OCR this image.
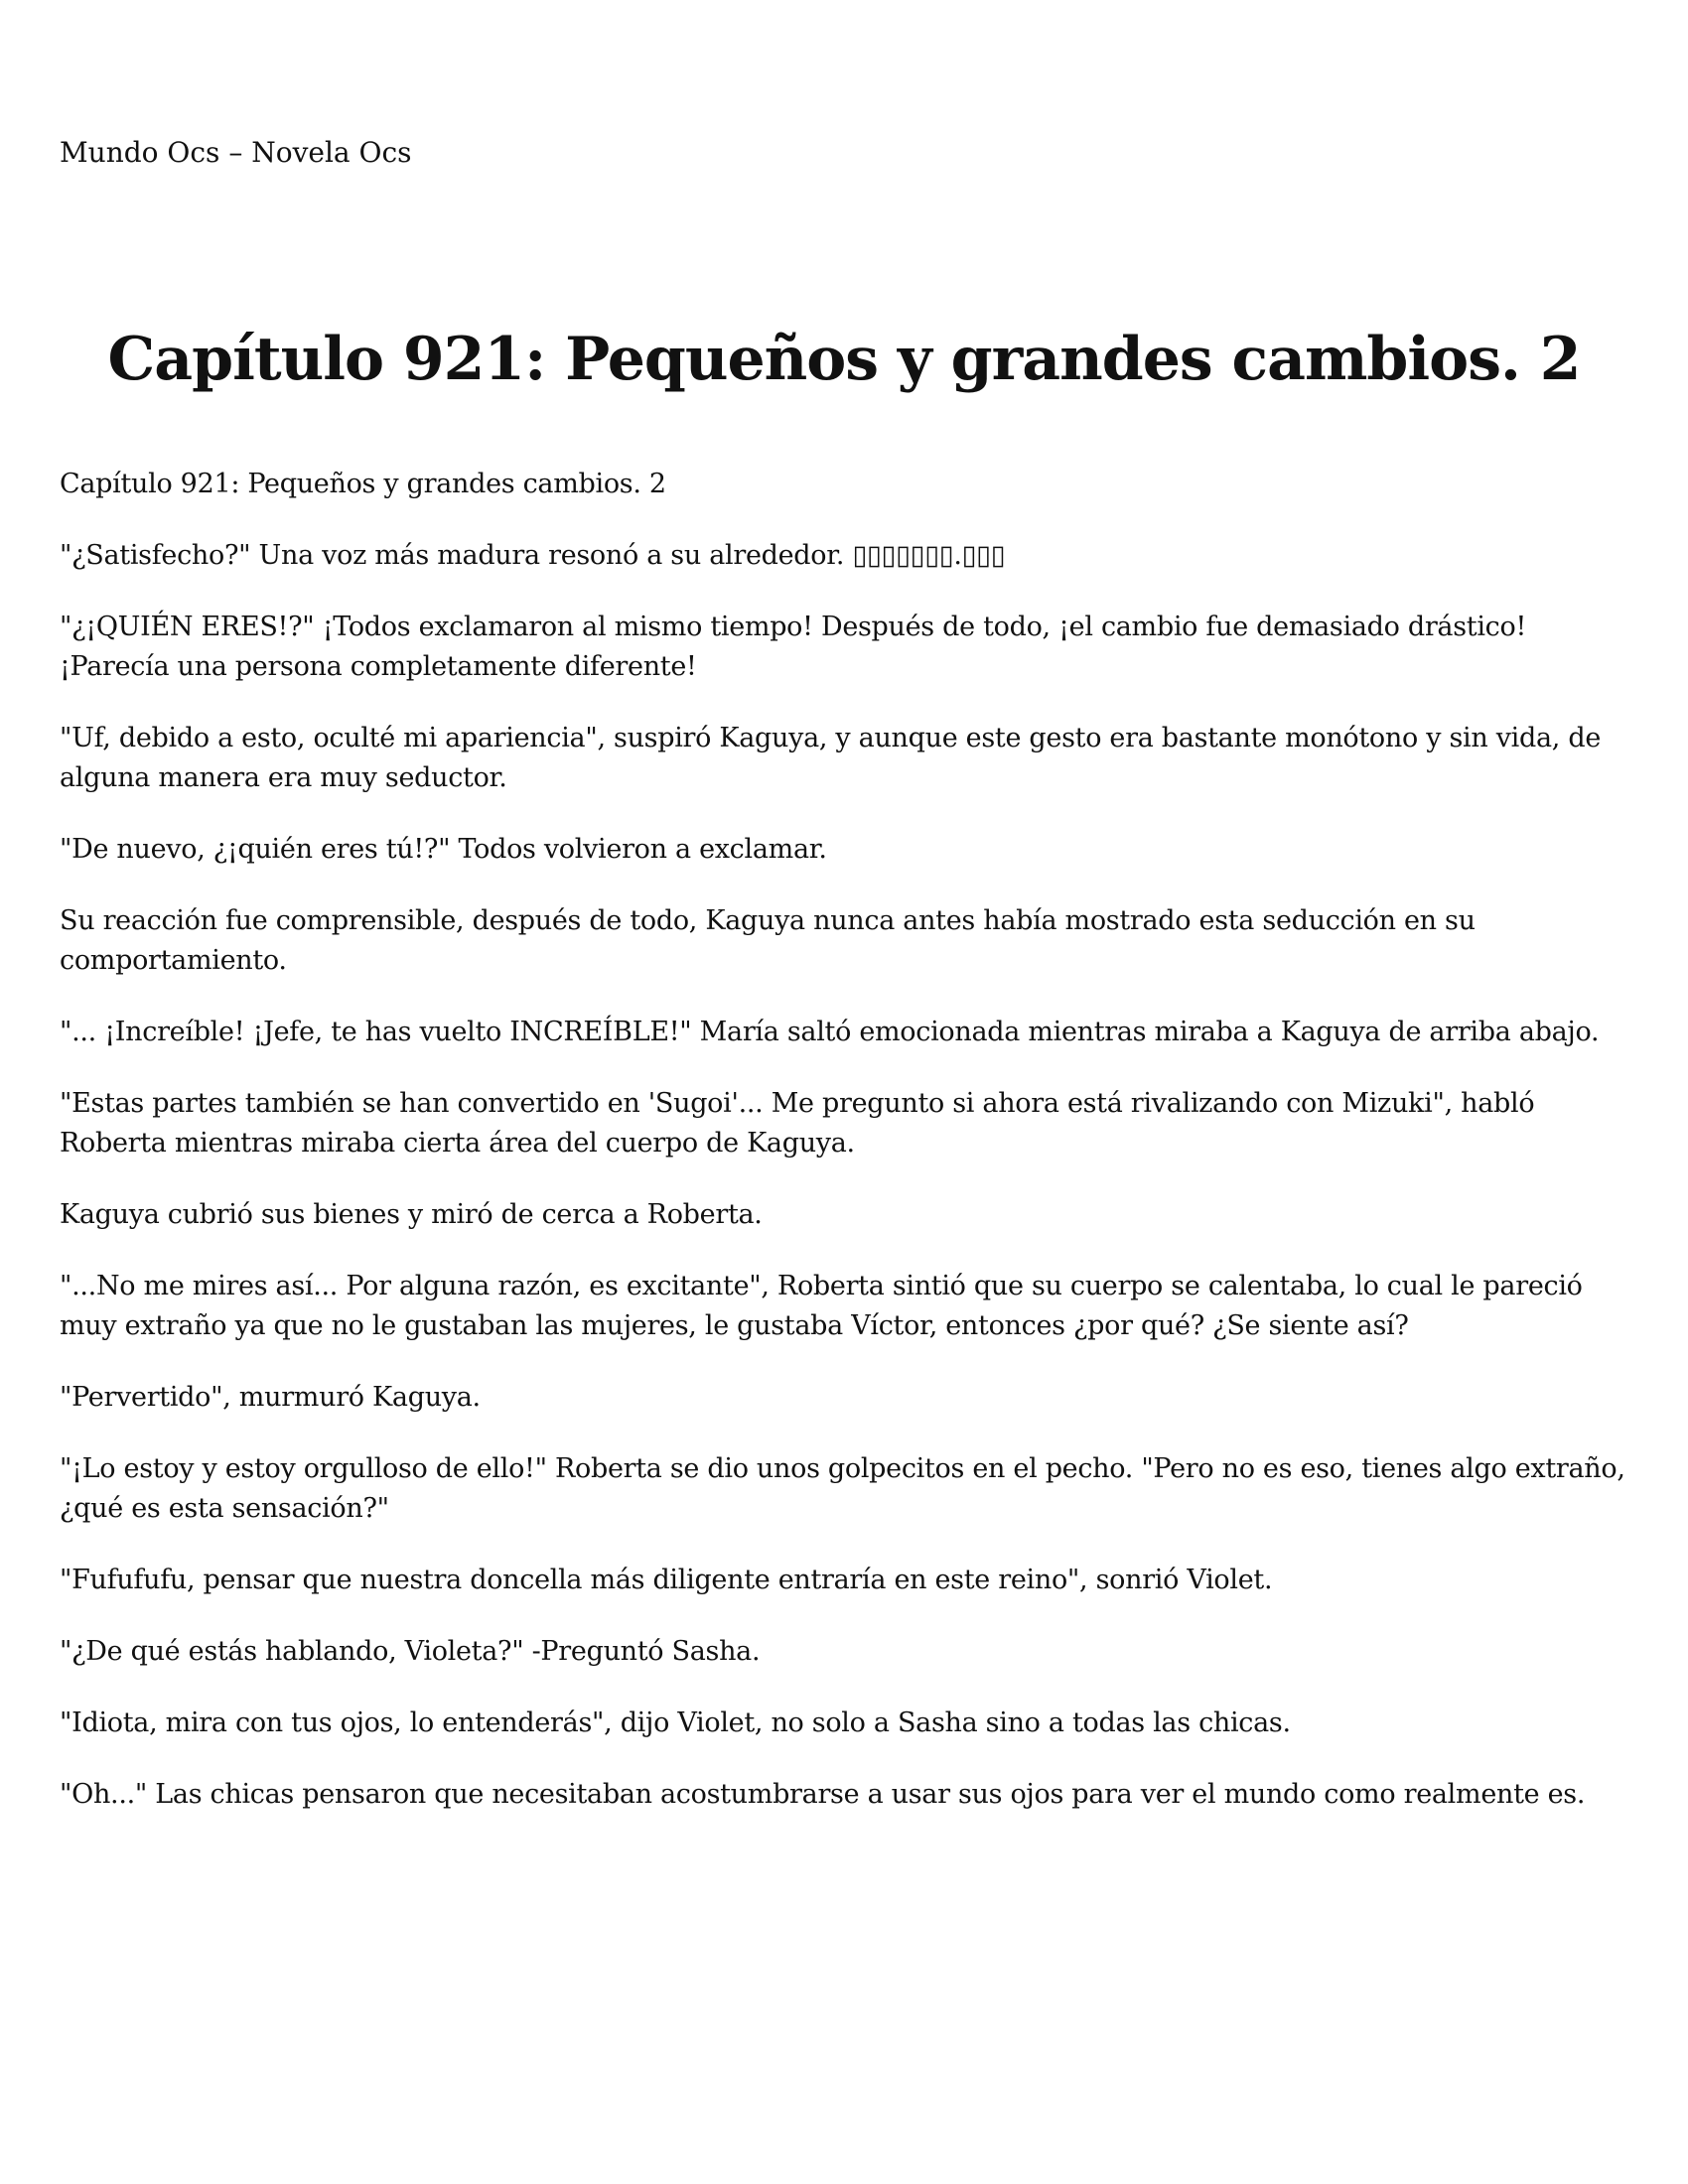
Mundo Ocs – Novela Ocs
Capítulo 921: Pequeños y grandes cambios. 2

Capítulo 921: Pequeños y grandes cambios. 2

"¿Satisfecho?" Una voz más madura resonó a su alrededor. ▯▯▯▯▯▯▯.▯▯▯

"¿¡QUIÉN ERES!?" ¡Todos exclamaron al mismo tiempo! Después de todo, ¡el cambio fue demasiado drástico! ¡Parecía una persona completamente diferente!

"Uf, debido a esto, oculté mi apariencia", suspiró Kaguya, y aunque este gesto era bastante monótono y sin vida, de alguna manera era muy seductor.

"De nuevo, ¿¡quién eres tú!?" Todos volvieron a exclamar.

Su reacción fue comprensible, después de todo, Kaguya nunca antes había mostrado esta seducción en su comportamiento.

"... ¡Increíble! ¡Jefe, te has vuelto INCREÍBLE!" María saltó emocionada mientras miraba a Kaguya de arriba abajo.

"Estas partes también se han convertido en 'Sugoi'... Me pregunto si ahora está rivalizando con Mizuki", habló Roberta mientras miraba cierta área del cuerpo de Kaguya.

Kaguya cubrió sus bienes y miró de cerca a Roberta.

"...No me mires así... Por alguna razón, es excitante", Roberta sintió que su cuerpo se calentaba, lo cual le pareció muy extraño ya que no le gustaban las mujeres, le gustaba Víctor, entonces ¿por qué? ¿Se siente así?

"Pervertido", murmuró Kaguya.

"¡Lo estoy y estoy orgulloso de ello!" Roberta se dio unos golpecitos en el pecho. "Pero no es eso, tienes algo extraño, ¿qué es esta sensación?"

"Fufufufu, pensar que nuestra doncella más diligente entraría en este reino", sonrió Violet.

"¿De qué estás hablando, Violeta?" -Preguntó Sasha.

"Idiota, mira con tus ojos, lo entenderás", dijo Violet, no solo a Sasha sino a todas las chicas.

"Oh..." Las chicas pensaron que necesitaban acostumbrarse a usar sus ojos para ver el mundo como realmente es.
